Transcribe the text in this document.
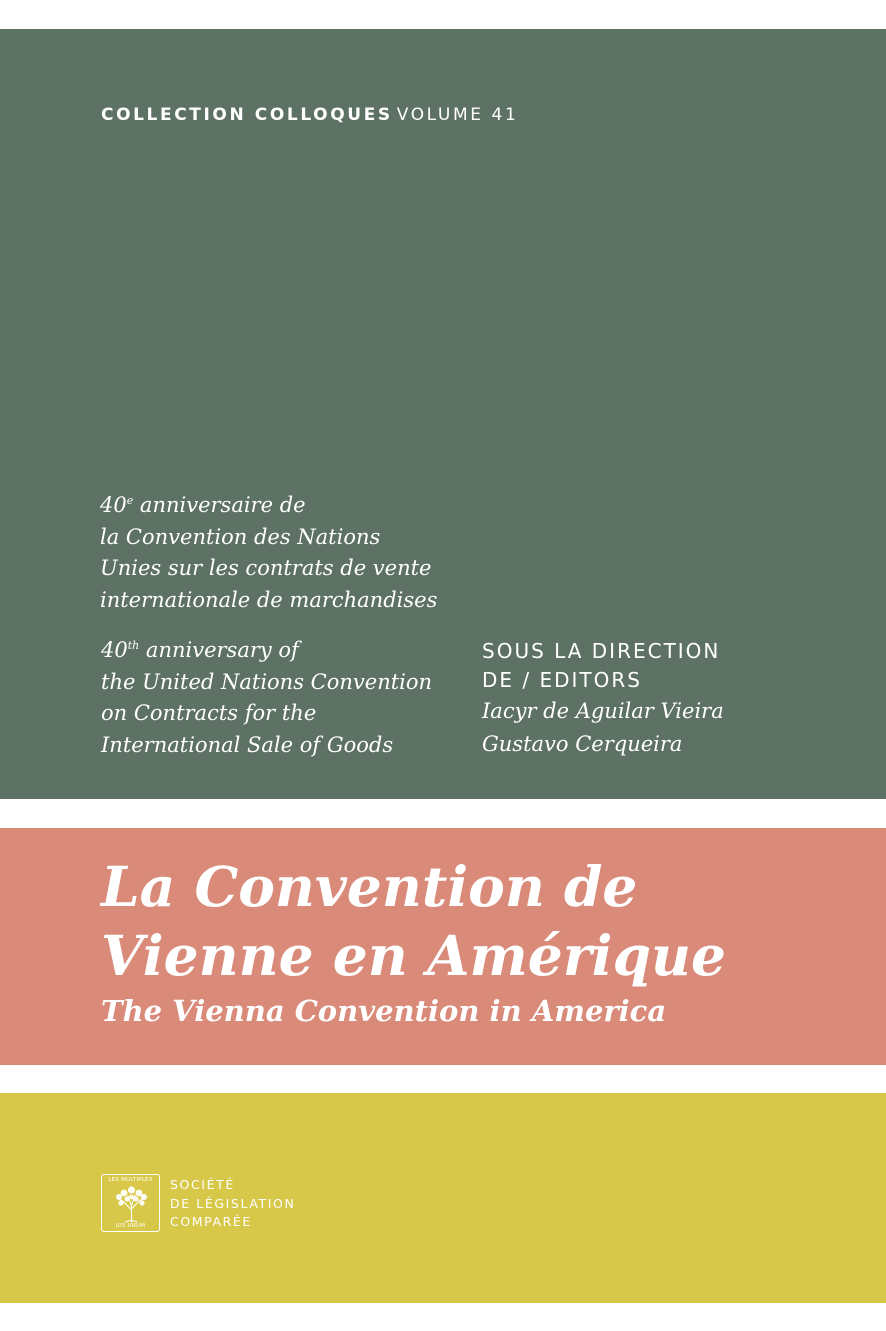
COLLECTION COLLOQUES VOLUME 41

40e anniversaire de
la Convention des Nations
Unies sur les contrats de vente
internationale de marchandises

40th anniversary of
the United Nations Convention
on Contracts for the
International Sale of Goods

SOUS LA DIRECTION
DE / EDITORS

Iacyr de Aguilar Vieira

Gustavo Cerqueira

La Convention de
Vienne en Amérique
The Vienna Convention in America
LEX MULTIPLEX
IUS UNUM

SOCIÉTÉ
DE LÉGISLATION
COMPARÉE
